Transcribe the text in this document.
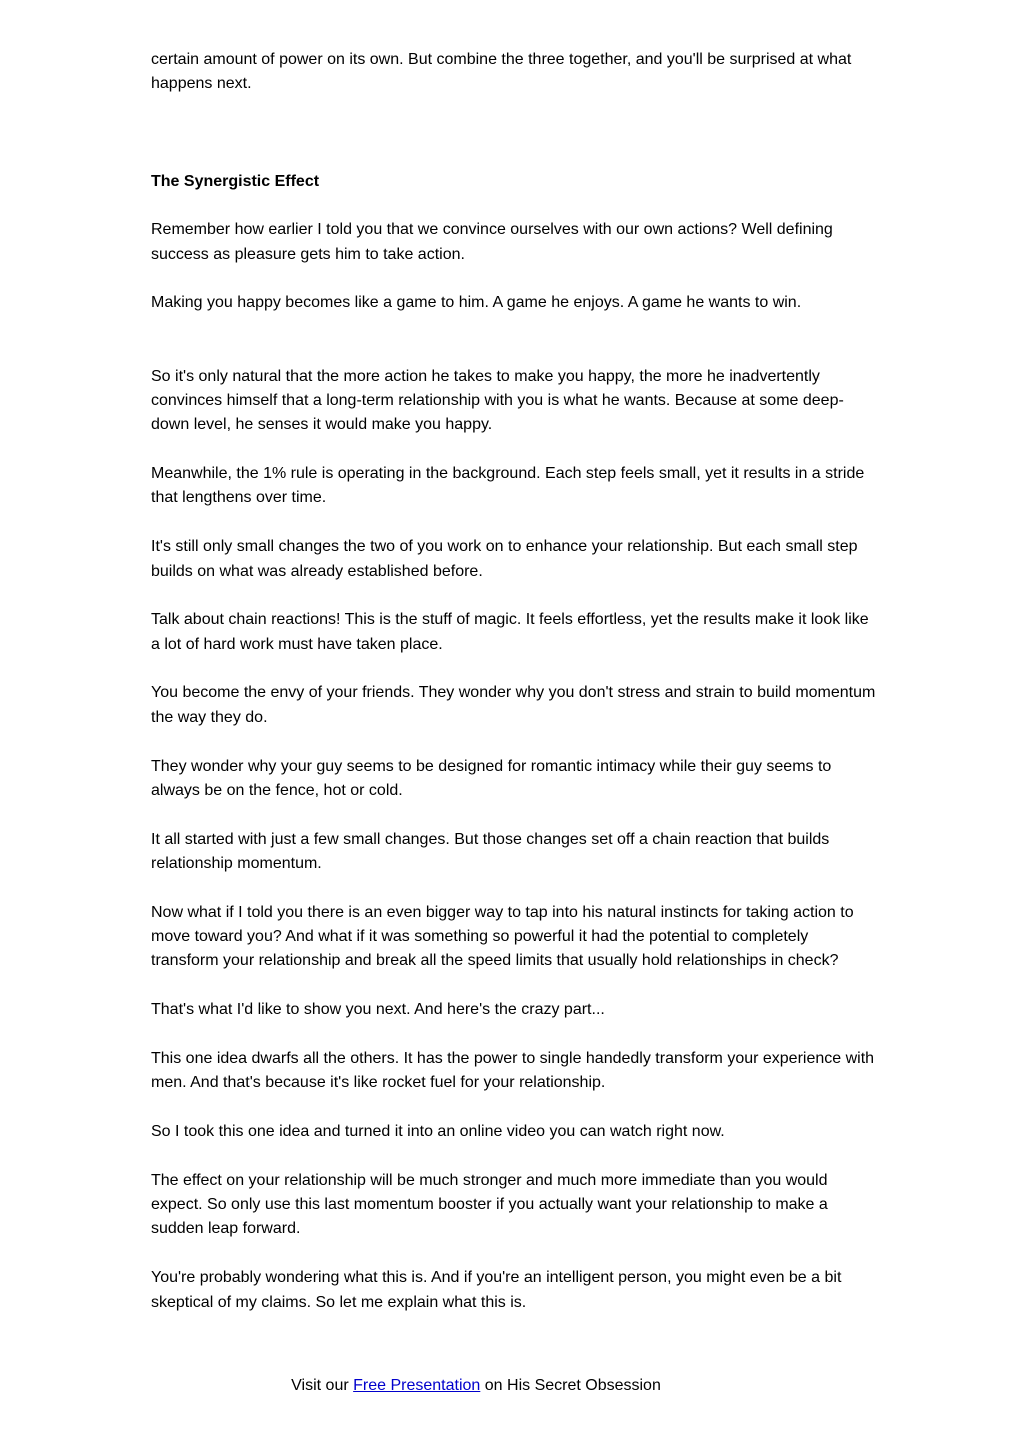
certain amount of power on its own. But combine the three together, and you'll be surprised at what happens next.

The Synergistic Effect

Remember how earlier I told you that we convince ourselves with our own actions? Well defining success as pleasure gets him to take action.

Making you happy becomes like a game to him. A game he enjoys. A game he wants to win.

So it's only natural that the more action he takes to make you happy, the more he inadvertently convinces himself that a long-term relationship with you is what he wants. Because at some deep-down level, he senses it would make you happy.

Meanwhile, the 1% rule is operating in the background. Each step feels small, yet it results in a stride that lengthens over time.

It's still only small changes the two of you work on to enhance your relationship. But each small step builds on what was already established before.

Talk about chain reactions! This is the stuff of magic. It feels effortless, yet the results make it look like a lot of hard work must have taken place.

You become the envy of your friends. They wonder why you don't stress and strain to build momentum the way they do.

They wonder why your guy seems to be designed for romantic intimacy while their guy seems to always be on the fence, hot or cold.

It all started with just a few small changes. But those changes set off a chain reaction that builds relationship momentum.

Now what if I told you there is an even bigger way to tap into his natural instincts for taking action to move toward you? And what if it was something so powerful it had the potential to completely transform your relationship and break all the speed limits that usually hold relationships in check?

That's what I'd like to show you next. And here's the crazy part...

This one idea dwarfs all the others. It has the power to single handedly transform your experience with men. And that's because it's like rocket fuel for your relationship.

So I took this one idea and turned it into an online video you can watch right now.

The effect on your relationship will be much stronger and much more immediate than you would expect. So only use this last momentum booster if you actually want your relationship to make a sudden leap forward.

You're probably wondering what this is. And if you're an intelligent person, you might even be a bit skeptical of my claims. So let me explain what this is.

Visit our Free Presentation on His Secret Obsession
